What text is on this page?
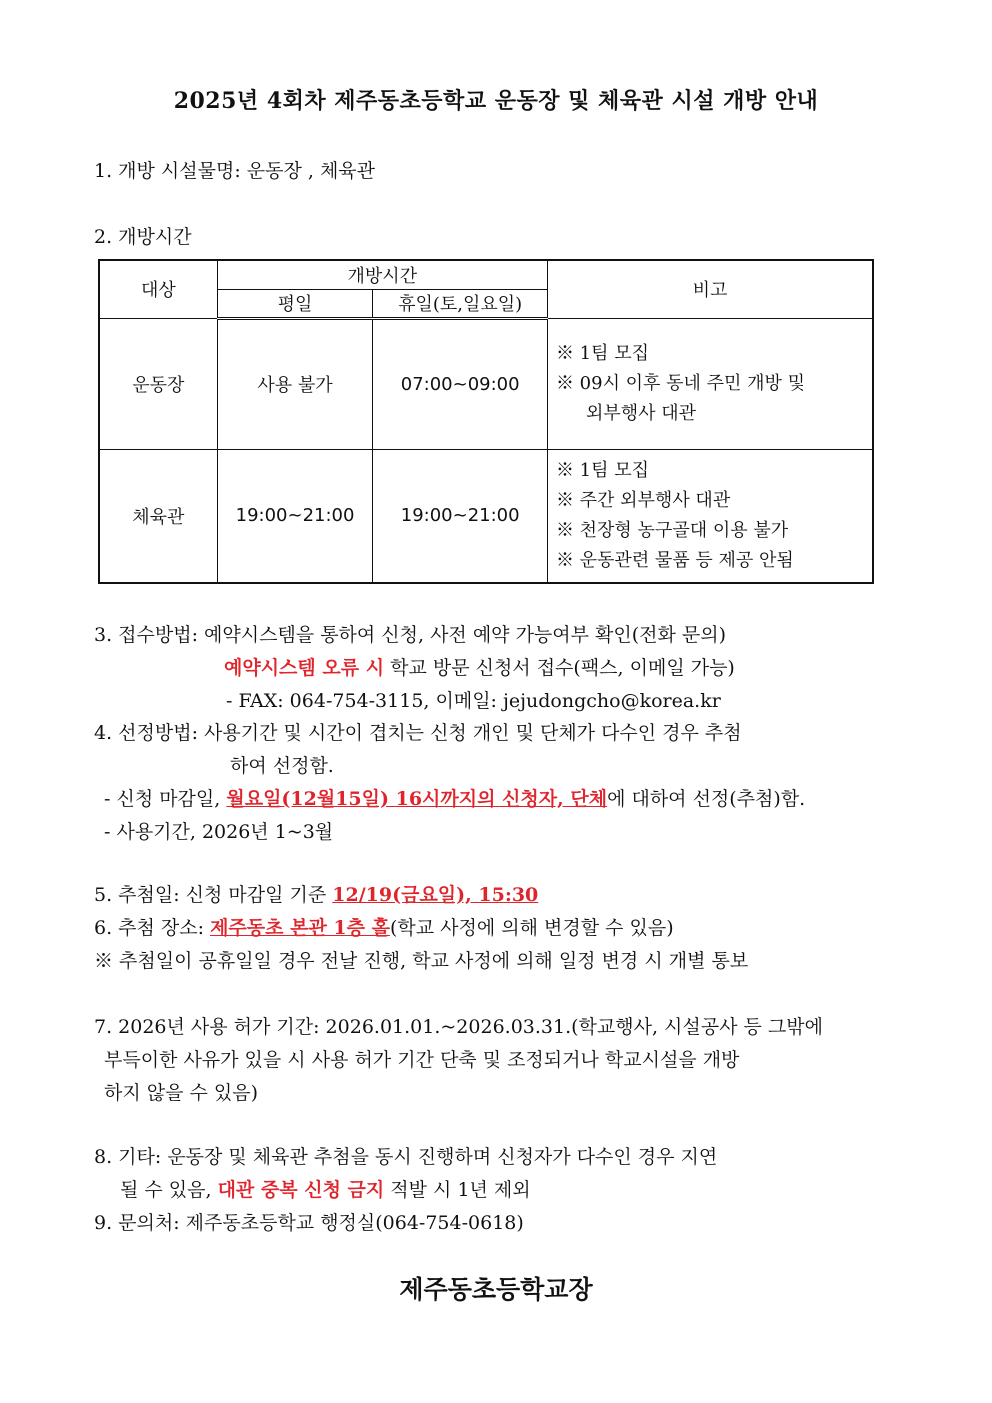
2025년 4회차 제주동초등학교 운동장 및 체육관 시설 개방 안내
1. 개방 시설물명: 운동장 , 체육관
2. 개방시간
대상	개방시간		비고
	평일	휴일(토,일요일)	
운동장	사용 불가	07:00~09:00	※ 1팀 모집
※ 09시 이후 동네 주민 개방 및
외부행사 대관

체육관	19:00~21:00	19:00~21:00	※ 1팀 모집
※ 주간 외부행사 대관
※ 천장형 농구골대 이용 불가
※ 운동관련 물품 등 제공 안됨
3. 접수방법: 예약시스템을 통하여 신청, 사전 예약 가능여부 확인(전화 문의)
예약시스템 오류 시 학교 방문 신청서 접수(팩스, 이메일 가능)
- FAX: 064-754-3115, 이메일: jejudongcho@korea.kr
4. 선정방법: 사용기간 및 시간이 겹치는 신청 개인 및 단체가 다수인 경우 추첨
하여 선정함.
- 신청 마감일, 월요일(12월15일) 16시까지의 신청자, 단체에 대하여 선정(추첨)함.
- 사용기간, 2026년 1~3월
5. 추첨일: 신청 마감일 기준 12/19(금요일), 15:30
6. 추첨 장소: 제주동초 본관 1층 홀(학교 사정에 의해 변경할 수 있음)
※ 추첨일이 공휴일일 경우 전날 진행, 학교 사정에 의해 일정 변경 시 개별 통보
7. 2026년 사용 허가 기간: 2026.01.01.~2026.03.31.(학교행사, 시설공사 등 그밖에
부득이한 사유가 있을 시 사용 허가 기간 단축 및 조정되거나 학교시설을 개방
하지 않을 수 있음)
8. 기타: 운동장 및 체육관 추첨을 동시 진행하며 신청자가 다수인 경우 지연
될 수 있음, 대관 중복 신청 금지 적발 시 1년 제외
9. 문의처: 제주동초등학교 행정실(064-754-0618)
제주동초등학교장
